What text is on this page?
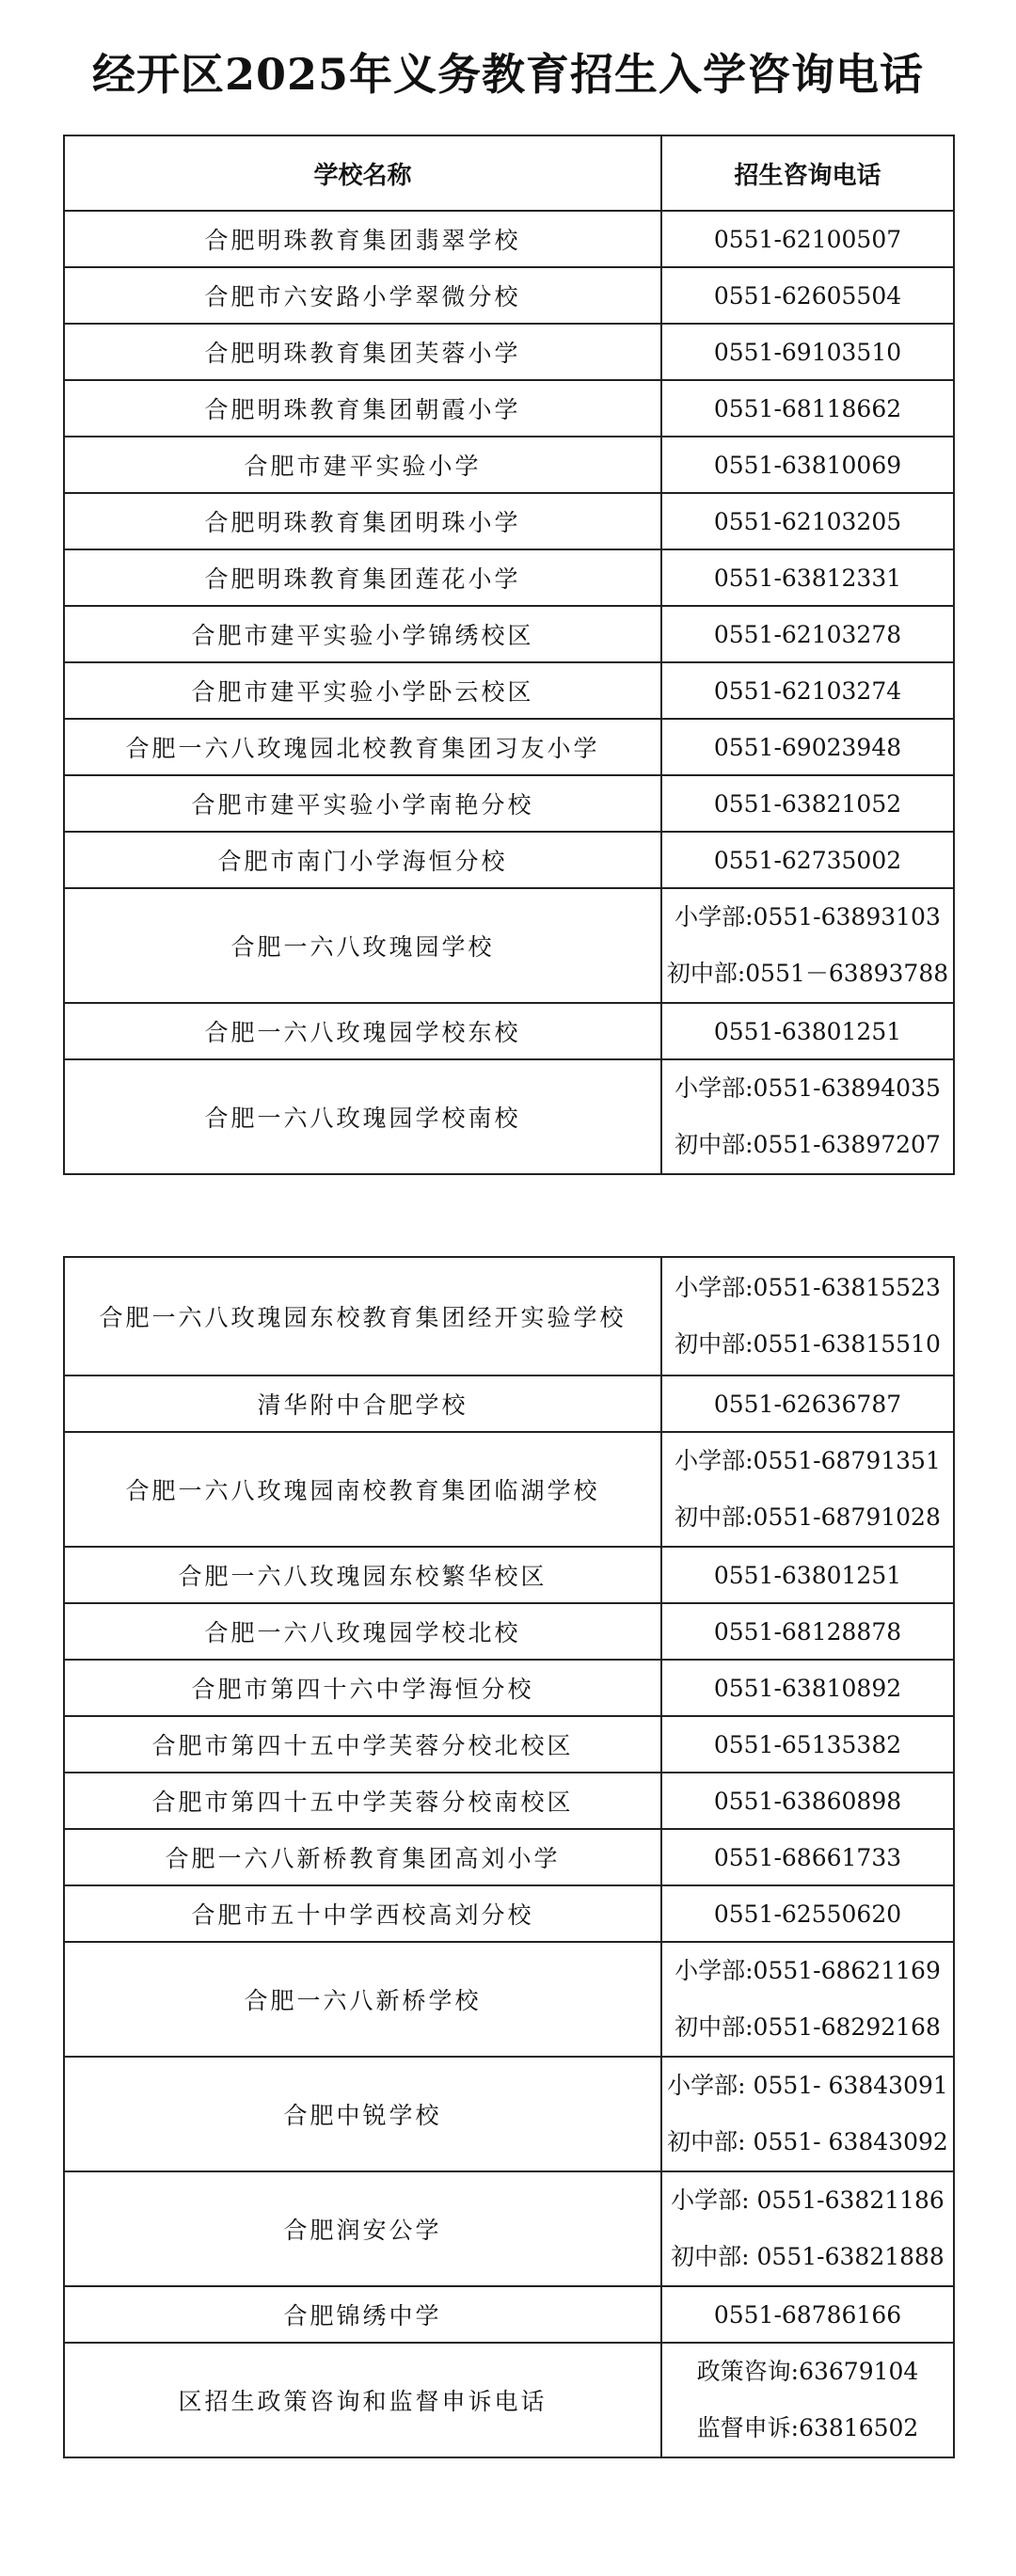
经开区2025年义务教育招生入学咨询电话
学校名称	招生咨询电话
合肥明珠教育集团翡翠学校	0551-62100507

合肥市六安路小学翠微分校	0551-62605504

合肥明珠教育集团芙蓉小学	0551-69103510

合肥明珠教育集团朝霞小学	0551-68118662

合肥市建平实验小学	0551-63810069

合肥明珠教育集团明珠小学	0551-62103205

合肥明珠教育集团莲花小学	0551-63812331

合肥市建平实验小学锦绣校区	0551-62103278

合肥市建平实验小学卧云校区	0551-62103274

合肥一六八玫瑰园北校教育集团习友小学	0551-69023948

合肥市建平实验小学南艳分校	0551-63821052

合肥市南门小学海恒分校	0551-62735002

合肥一六八玫瑰园学校	小学部:0551-63893103
初中部:0551－63893788

合肥一六八玫瑰园学校东校	0551-63801251

合肥一六八玫瑰园学校南校	小学部:0551-63894035
初中部:0551-63897207
合肥一六八玫瑰园东校教育集团经开实验学校	小学部:0551-63815523
初中部:0551-63815510

清华附中合肥学校	0551-62636787

合肥一六八玫瑰园南校教育集团临湖学校	小学部:0551-68791351
初中部:0551-68791028

合肥一六八玫瑰园东校繁华校区	0551-63801251

合肥一六八玫瑰园学校北校	0551-68128878

合肥市第四十六中学海恒分校	0551-63810892

合肥市第四十五中学芙蓉分校北校区	0551-65135382

合肥市第四十五中学芙蓉分校南校区	0551-63860898

合肥一六八新桥教育集团高刘小学	0551-68661733

合肥市五十中学西校高刘分校	0551-62550620

合肥一六八新桥学校	小学部:0551-68621169
初中部:0551-68292168

合肥中锐学校	小学部: 0551- 63843091
初中部: 0551- 63843092

合肥润安公学	小学部: 0551-63821186
初中部: 0551-63821888

合肥锦绣中学	0551-68786166

区招生政策咨询和监督申诉电话	政策咨询:63679104
监督申诉:63816502
